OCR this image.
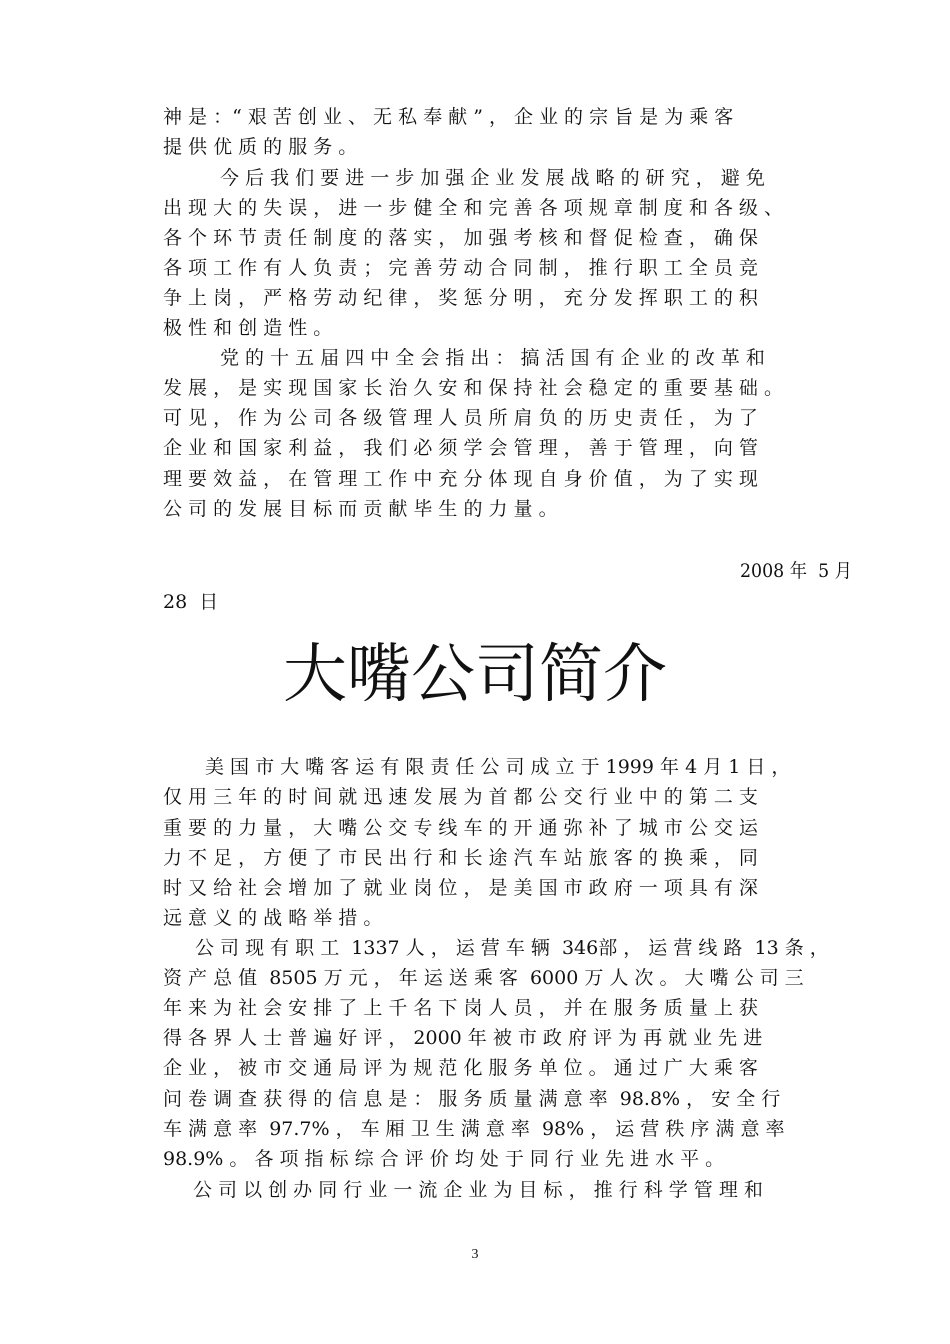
神 是 ：“ 艰 苦 创 业 、 无 私 奉 献 ” ， 企 业 的 宗 旨 是 为 乘 客
提 供 优 质 的 服 务 。
今 后 我 们 要 进 一 步 加 强 企 业 发 展 战 略 的 研 究 ， 避 免
出 现 大 的 失 误 ， 进 一 步 健 全 和 完 善 各 项 规 章 制 度 和 各 级 、
各 个 环 节 责 任 制 度 的 落 实 ， 加 强 考 核 和 督 促 检 查 ， 确 保
各 项 工 作 有 人 负 责 ； 完 善 劳 动 合 同 制 ， 推 行 职 工 全 员 竞
争 上 岗 ， 严 格 劳 动 纪 律 ， 奖 惩 分 明 ， 充 分 发 挥 职 工 的 积
极 性 和 创 造 性 。
党 的 十 五 届 四 中 全 会 指 出 ： 搞 活 国 有 企 业 的 改 革 和
发 展 ， 是 实 现 国 家 长 治 久 安 和 保 持 社 会 稳 定 的 重 要 基 础 。
可 见 ， 作 为 公 司 各 级 管 理 人 员 所 肩 负 的 历 史 责 任 ， 为 了
企 业 和 国 家 利 益 ， 我 们 必 须 学 会 管 理 ， 善 于 管 理 ， 向 管
理 要 效 益 ， 在 管 理 工 作 中 充 分 体 现 自 身 价 值 ， 为 了 实 现
公 司 的 发 展 目 标 而 贡 献 毕 生 的 力 量 。
2008 年  5 月
28  日
大嘴公司简介
美 国 市 大 嘴 客 运 有 限 责 任 公 司 成 立 于 1999 年 4 月 1 日 ，
仅 用 三 年 的 时 间 就 迅 速 发 展 为 首 都 公 交 行 业 中 的 第 二 支
重 要 的 力 量 ， 大 嘴 公 交 专 线 车 的 开 通 弥 补 了 城 市 公 交 运
力 不 足 ， 方 便 了 市 民 出 行 和 长 途 汽 车 站 旅 客 的 换 乘 ， 同
时 又 给 社 会 增 加 了 就 业 岗 位 ， 是 美 国 市 政 府 一 项 具 有 深
远 意 义 的 战 略 举 措 。
公 司 现 有 职 工  1337 人 ， 运 营 车 辆  346部 ， 运 营 线 路  13 条 ，
资 产 总 值  8505 万 元 ， 年 运 送 乘 客  6000 万 人 次 。 大 嘴 公 司 三
年 来 为 社 会 安 排 了 上 千 名 下 岗 人 员 ， 并 在 服 务 质 量 上 获
得 各 界 人 士 普 遍 好 评 ， 2000 年 被 市 政 府 评 为 再 就 业 先 进
企 业 ， 被 市 交 通 局 评 为 规 范 化 服 务 单 位 。 通 过 广 大 乘 客
问 卷 调 查 获 得 的 信 息 是 ： 服 务 质 量 满 意 率  98.8% ， 安 全 行
车 满 意 率  97.7% ， 车 厢 卫 生 满 意 率  98% ， 运 营 秩 序 满 意 率
98.9% 。 各 项 指 标 综 合 评 价 均 处 于 同 行 业 先 进 水 平 。
公 司 以 创 办 同 行 业 一 流 企 业 为 目 标 ， 推 行 科 学 管 理 和
3
